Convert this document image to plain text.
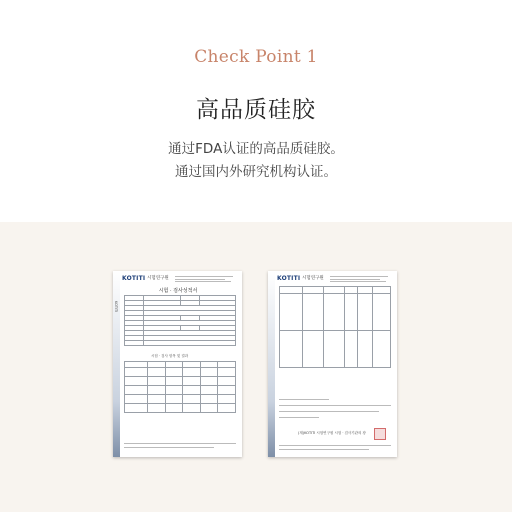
Check Point 1
高品质硅胶
通过FDA认证的高品质硅胶。
通过国内外研究机构认证。
KOTITI
KOTITI 시험연구원
시험 · 검사성적서

시험 · 검사 항목 및 결과

KOTITI 시험연구원

(재)KOTITI 시험연구원 시험 · 검사기관의 장
